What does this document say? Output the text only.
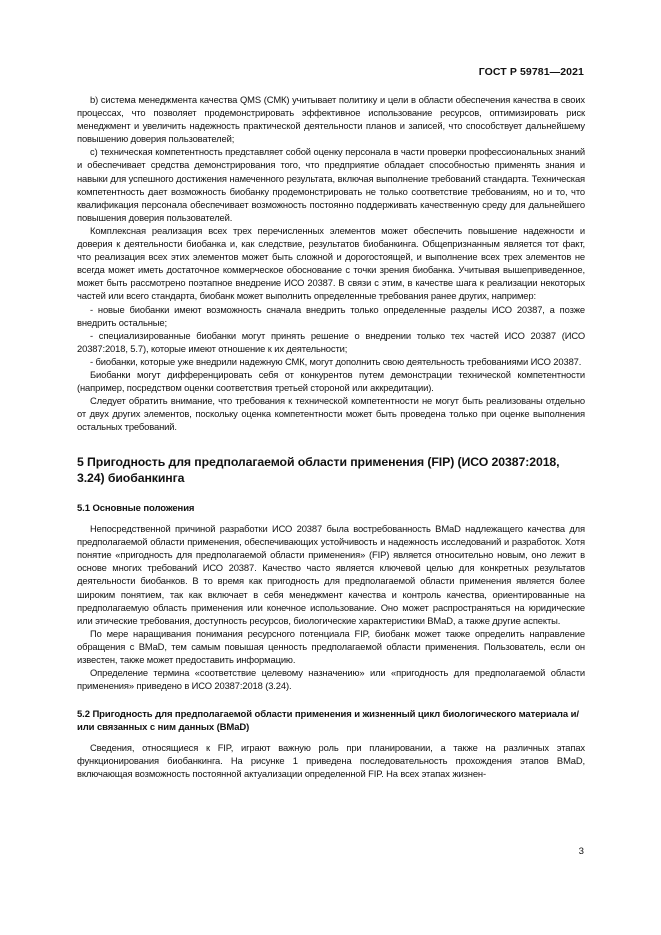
ГОСТ Р 59781—2021

b) система менеджмента качества QMS (СМК) учитывает политику и цели в области обеспечения качества в своих процессах, что позволяет продемонстрировать эффективное использование ресурсов, оптимизировать риск менеджмент и увеличить надежность практической деятельности планов и записей, что способствует дальнейшему повышению доверия пользователей;

c) техническая компетентность представляет собой оценку персонала в части проверки профессиональных знаний и обеспечивает средства демонстрирования того, что предприятие обладает способностью применять знания и навыки для успешного достижения намеченного результата, включая выполнение требований стандарта. Техническая компетентность дает возможность биобанку продемонстрировать не только соответствие требованиям, но и то, что квалификация персонала обеспечивает возможность постоянно поддерживать качественную среду для дальнейшего повышения доверия пользователей.

Комплексная реализация всех трех перечисленных элементов может обеспечить повышение надежности и доверия к деятельности биобанка и, как следствие, результатов биобанкинга. Общепризнанным является тот факт, что реализация всех этих элементов может быть сложной и дорогостоящей, и выполнение всех трех элементов не всегда может иметь достаточное коммерческое обоснование с точки зрения биобанка. Учитывая вышеприведенное, может быть рассмотрено поэтапное внедрение ИСО 20387. В связи с этим, в качестве шага к реализации некоторых частей или всего стандарта, биобанк может выполнить определенные требования ранее других, например:

- новые биобанки имеют возможность сначала внедрить только определенные разделы ИСО 20387, а позже внедрить остальные;

- специализированные биобанки могут принять решение о внедрении только тех частей ИСО 20387 (ИСО 20387:2018, 5.7), которые имеют отношение к их деятельности;

- биобанки, которые уже внедрили надежную СМК, могут дополнить свою деятельность требованиями ИСО 20387.

Биобанки могут дифференцировать себя от конкурентов путем демонстрации технической компетентности (например, посредством оценки соответствия третьей стороной или аккредитации).

Следует обратить внимание, что требования к технической компетентности не могут быть реализованы отдельно от двух других элементов, поскольку оценка компетентности может быть проведена только при оценке выполнения остальных требований.

5 Пригодность для предполагаемой области применения (FIP) (ИСО 20387:2018, 3.24) биобанкинга
5.1 Основные положения

Непосредственной причиной разработки ИСО 20387 была востребованность BMaD надлежащего качества для предполагаемой области применения, обеспечивающих устойчивость и надежность исследований и разработок. Хотя понятие «пригодность для предполагаемой области применения» (FIP) является относительно новым, оно лежит в основе многих требований ИСО 20387. Качество часто является ключевой целью для конкретных результатов деятельности биобанков. В то время как пригодность для предполагаемой области применения является более широким понятием, так как включает в себя менеджмент качества и контроль качества, ориентированные на предполагаемую область применения или конечное использование. Оно может распространяться на юридические или этические требования, доступность ресурсов, биологические характеристики BMaD, а также другие аспекты.

По мере наращивания понимания ресурсного потенциала FIP, биобанк может также определить направление обращения с BMaD, тем самым повышая ценность предполагаемой области применения. Пользователь, если он известен, также может предоставить информацию.

Определение термина «соответствие целевому назначению» или «пригодность для предполагаемой области применения» приведено в ИСО 20387:2018 (3.24).

5.2 Пригодность для предполагаемой области применения и жизненный цикл биологического материала и/или связанных с ним данных (BMaD)

Сведения, относящиеся к FIP, играют важную роль при планировании, а также на различных этапах функционирования биобанкинга. На рисунке 1 приведена последовательность прохождения этапов BMaD, включающая возможность постоянной актуализации определенной FIP. На всех этапах жизнен-

3
